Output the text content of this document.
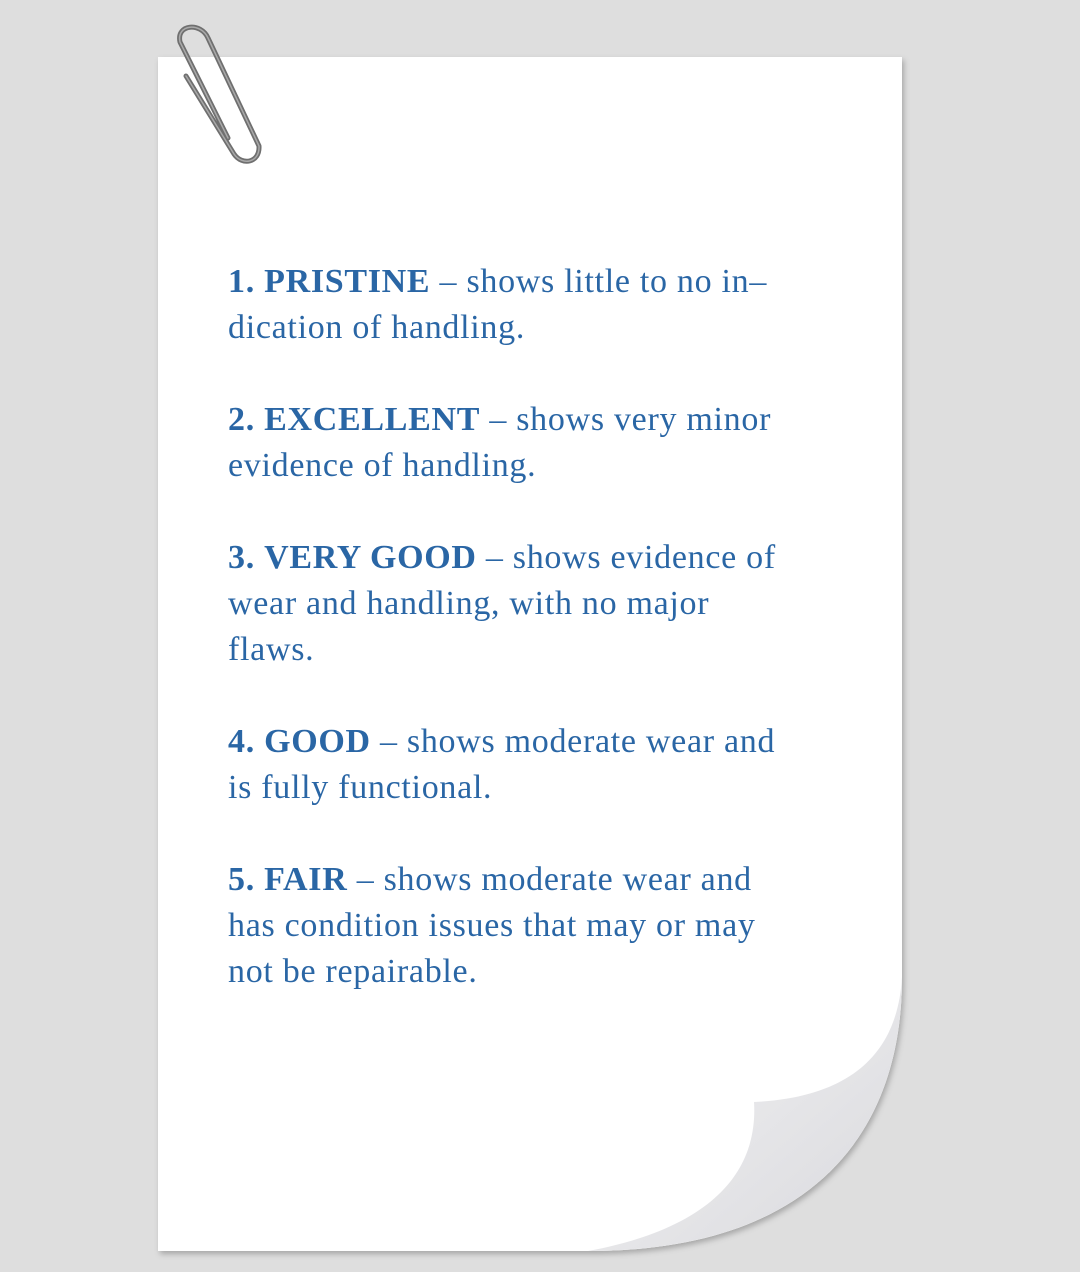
1. PRISTINE – shows little to no in–
dication of handling.
2. EXCELLENT – shows very minor
evidence of handling.
3. VERY GOOD – shows evidence of
wear and handling, with no major
flaws.
4. GOOD – shows moderate wear and
is fully functional.
5. FAIR – shows moderate wear and
has condition issues that may or may
not be repairable.
